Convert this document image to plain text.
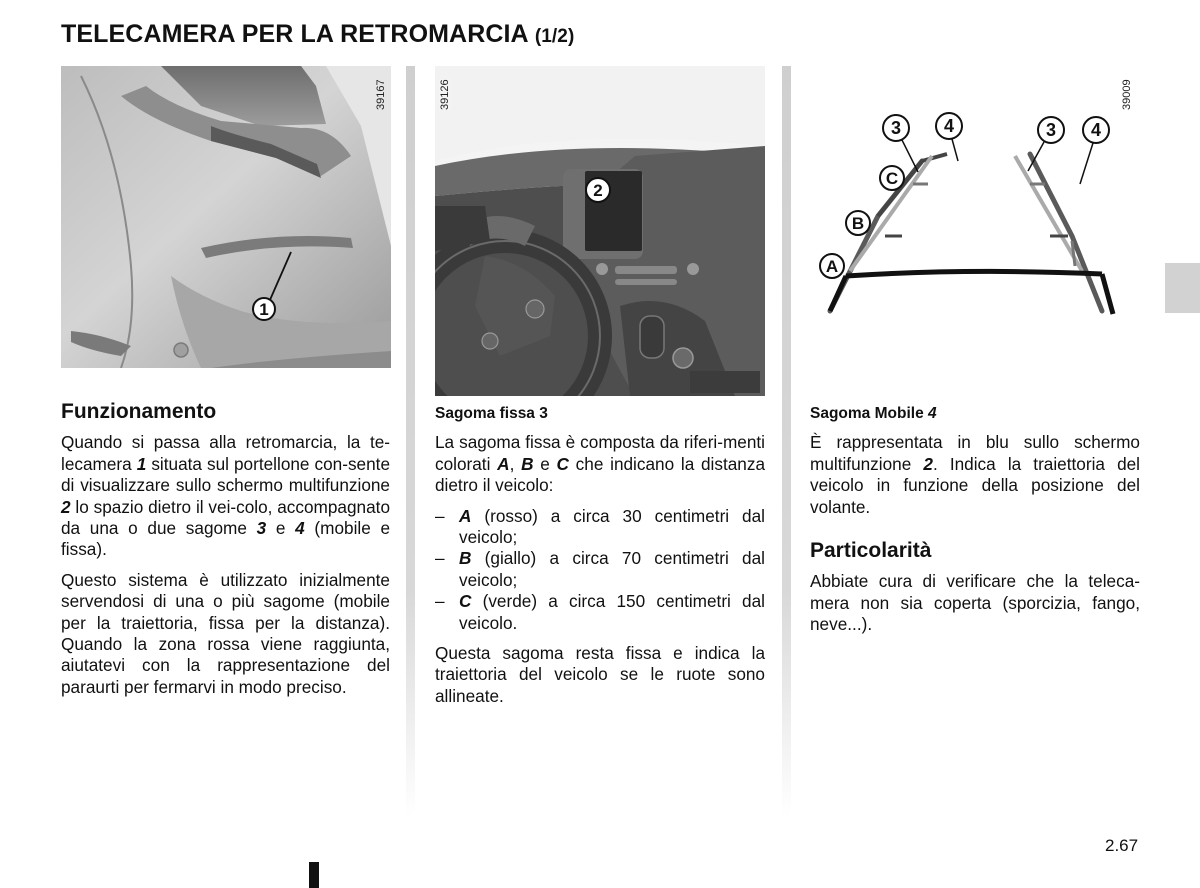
TELECAMERA PER LA RETROMARCIA (1/2)
1
39167
2
39126
3 4	3 4
C
B
A
39009
Funzionamento

Quando si passa alla retromarcia, la te-lecamera 1 situata sul portellone con-sente di visualizzare sullo schermo multifunzione 2 lo spazio dietro il vei-colo, accompagnato da una o due sagome 3 e 4 (mobile e fissa).

Questo sistema è utilizzato inizialmente servendosi di una o più sagome (mobile per la traiettoria, fissa per la distanza). Quando la zona rossa viene raggiunta, aiutatevi con la rappresentazione del paraurti per fermarvi in modo preciso.

Sagoma fissa 3

La sagoma fissa è composta da riferi-menti colorati A, B e C che indicano la distanza dietro il veicolo:

– A (rosso) a circa 30 centimetri dal veicolo;
– B (giallo) a circa 70 centimetri dal veicolo;
– C (verde) a circa 150 centimetri dal veicolo.

Questa sagoma resta fissa e indica la traiettoria del veicolo se le ruote sono allineate.

Sagoma Mobile 4

È rappresentata in blu sullo schermo multifunzione 2. Indica la traiettoria del veicolo in funzione della posizione del volante.

Particolarità

Abbiate cura di verificare che la teleca-mera non sia coperta (sporcizia, fango, neve...).

2.67
